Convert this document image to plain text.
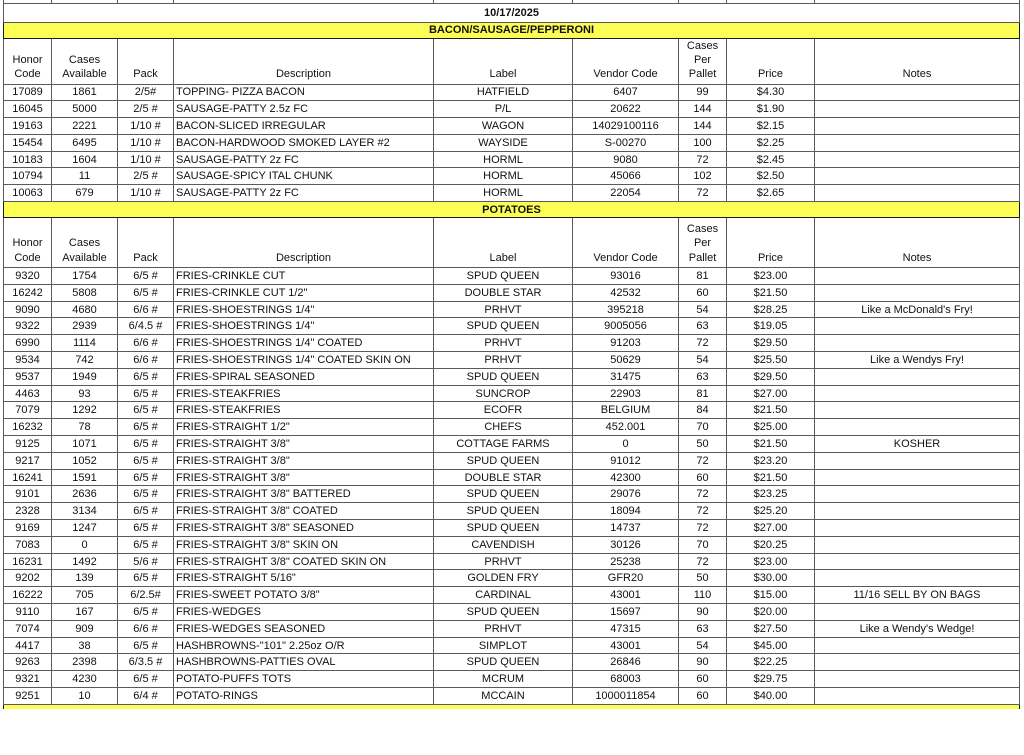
10/17/2025								
BACON/SAUSAGE/PEPPERONI								
Honor Code	Cases Available	Pack	Description	Label	Vendor Code	Cases Per Pallet	Price	Notes
17089	1861	2/5#	TOPPING- PIZZA BACON	HATFIELD	6407	99	$4.30	
16045	5000	2/5 #	SAUSAGE-PATTY 2.5z FC	P/L	20622	144	$1.90	
19163	2221	1/10 #	BACON-SLICED IRREGULAR	WAGON	14029100116	144	$2.15	
15454	6495	1/10 #	BACON-HARDWOOD SMOKED LAYER #2	WAYSIDE	S-00270	100	$2.25	
10183	1604	1/10 #	SAUSAGE-PATTY 2z FC	HORML	9080	72	$2.45	
10794	11	2/5 #	SAUSAGE-SPICY ITAL CHUNK	HORML	45066	102	$2.50	
10063	679	1/10 #	SAUSAGE-PATTY 2z FC	HORML	22054	72	$2.65	
POTATOES								
Honor Code	Cases Available	Pack	Description	Label	Vendor Code	Cases Per Pallet	Price	Notes
9320	1754	6/5 #	FRIES-CRINKLE CUT	SPUD QUEEN	93016	81	$23.00	
16242	5808	6/5 #	FRIES-CRINKLE CUT 1/2"	DOUBLE STAR	42532	60	$21.50	
9090	4680	6/6 #	FRIES-SHOESTRINGS 1/4"	PRHVT	395218	54	$28.25	Like a McDonald's Fry!
9322	2939	6/4.5 #	FRIES-SHOESTRINGS 1/4"	SPUD QUEEN	9005056	63	$19.05	
6990	1114	6/6 #	FRIES-SHOESTRINGS 1/4" COATED	PRHVT	91203	72	$29.50	
9534	742	6/6 #	FRIES-SHOESTRINGS 1/4" COATED SKIN ON	PRHVT	50629	54	$25.50	Like a Wendys Fry!
9537	1949	6/5 #	FRIES-SPIRAL SEASONED	SPUD QUEEN	31475	63	$29.50	
4463	93	6/5 #	FRIES-STEAKFRIES	SUNCROP	22903	81	$27.00	
7079	1292	6/5 #	FRIES-STEAKFRIES	ECOFR	BELGIUM	84	$21.50	
16232	78	6/5 #	FRIES-STRAIGHT 1/2"	CHEFS	452.001	70	$25.00	
9125	1071	6/5 #	FRIES-STRAIGHT 3/8"	COTTAGE FARMS	0	50	$21.50	KOSHER
9217	1052	6/5 #	FRIES-STRAIGHT 3/8"	SPUD QUEEN	91012	72	$23.20	
16241	1591	6/5 #	FRIES-STRAIGHT 3/8"	DOUBLE STAR	42300	60	$21.50	
9101	2636	6/5 #	FRIES-STRAIGHT 3/8" BATTERED	SPUD QUEEN	29076	72	$23.25	
2328	3134	6/5 #	FRIES-STRAIGHT 3/8" COATED	SPUD QUEEN	18094	72	$25.20	
9169	1247	6/5 #	FRIES-STRAIGHT 3/8" SEASONED	SPUD QUEEN	14737	72	$27.00	
7083	0	6/5 #	FRIES-STRAIGHT 3/8" SKIN ON	CAVENDISH	30126	70	$20.25	
16231	1492	5/6 #	FRIES-STRAIGHT 3/8" COATED SKIN ON	PRHVT	25238	72	$23.00	
9202	139	6/5 #	FRIES-STRAIGHT 5/16"	GOLDEN FRY	GFR20	50	$30.00	
16222	705	6/2.5#	FRIES-SWEET POTATO 3/8"	CARDINAL	43001	110	$15.00	11/16 SELL BY ON BAGS
9110	167	6/5 #	FRIES-WEDGES	SPUD QUEEN	15697	90	$20.00	
7074	909	6/6 #	FRIES-WEDGES SEASONED	PRHVT	47315	63	$27.50	Like a Wendy's Wedge!
4417	38	6/5 #	HASHBROWNS-"101" 2.25oz O/R	SIMPLOT	43001	54	$45.00	
9263	2398	6/3.5 #	HASHBROWNS-PATTIES OVAL	SPUD QUEEN	26846	90	$22.25	
9321	4230	6/5 #	POTATO-PUFFS TOTS	MCRUM	68003	60	$29.75	
9251	10	6/4 #	POTATO-RINGS	MCCAIN	1000011854	60	$40.00	
